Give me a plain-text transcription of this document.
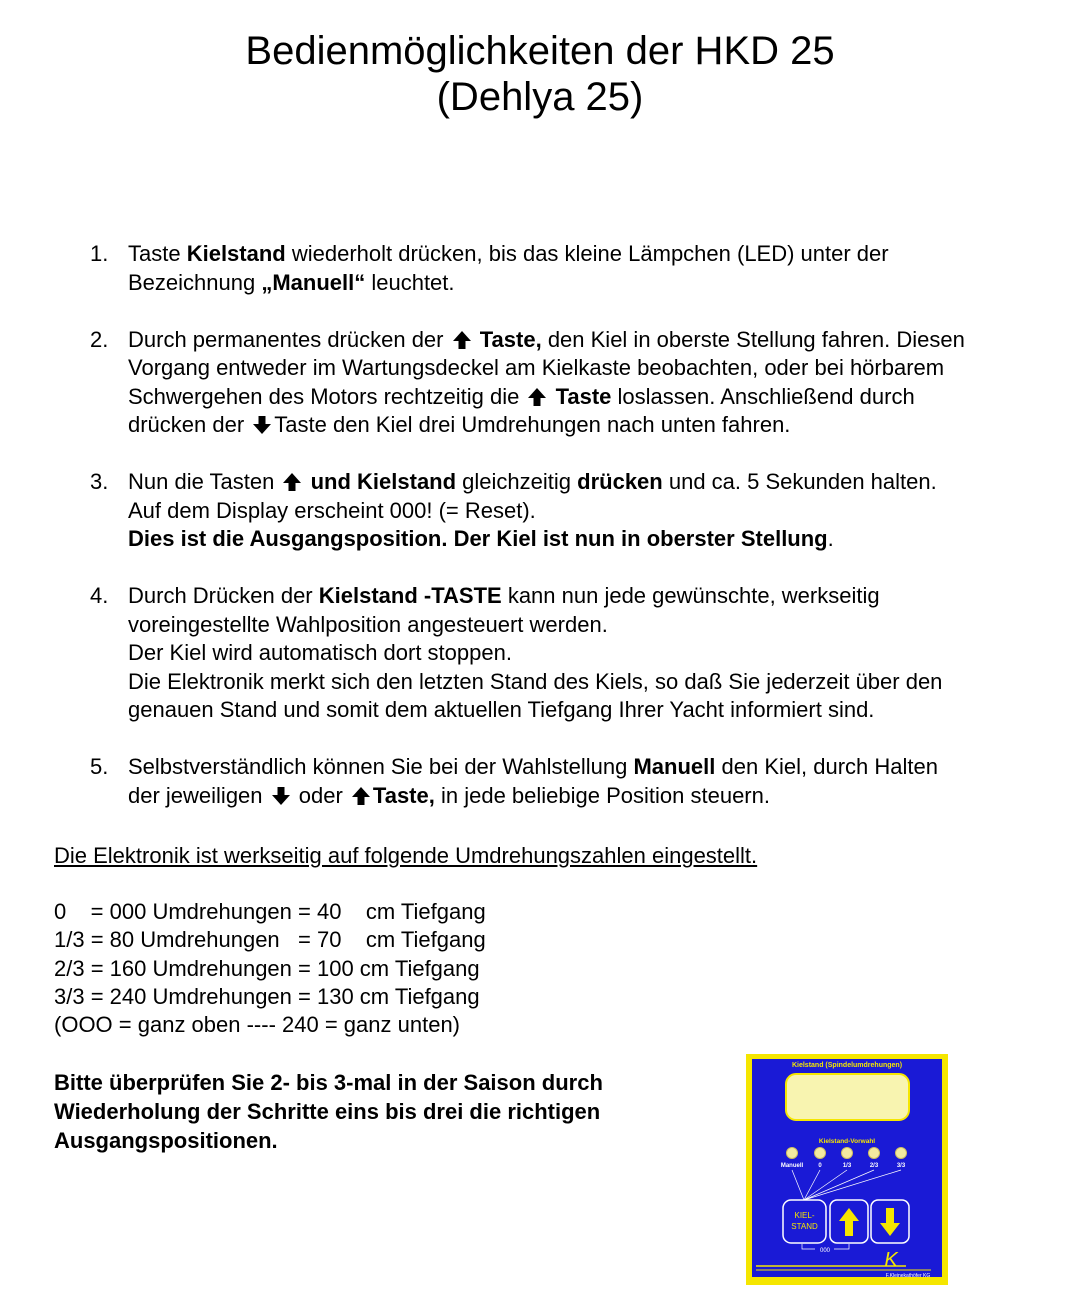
Bedienmöglichkeiten der HKD 25
(Dehlya 25)
1. Taste Kielstand wiederholt drücken, bis das kleine Lämpchen (LED) unter der
Bezeichnung „Manuell“ leuchtet.
2. Durch permanentes drücken der  Taste, den Kiel in oberste Stellung fahren. Diesen
Vorgang entweder im Wartungsdeckel am Kielkaste beobachten, oder bei hörbarem
Schwergehen des Motors rechtzeitig die  Taste loslassen. Anschließend durch
drücken der Taste den Kiel drei Umdrehungen nach unten fahren.
3. Nun die Tasten  und Kielstand gleichzeitig drücken und ca. 5 Sekunden halten.
Auf dem Display erscheint 000! (= Reset).
Dies ist die Ausgangsposition. Der Kiel ist nun in oberster Stellung.
4. Durch Drücken der Kielstand -TASTE kann nun jede gewünschte, werkseitig
voreingestellte Wahlposition angesteuert werden.
Der Kiel wird automatisch dort stoppen.
Die Elektronik merkt sich den letzten Stand des Kiels, so daß Sie jederzeit über den
genauen Stand und somit dem aktuellen Tiefgang Ihrer Yacht informiert sind.
5. Selbstverständlich können Sie bei der Wahlstellung Manuell den Kiel, durch Halten
der jeweiligen  oder Taste, in jede beliebige Position steuern.
Die Elektronik ist werkseitig auf folgende Umdrehungszahlen eingestellt.
0    = 000 Umdrehungen = 40    cm Tiefgang
1/3 = 80 Umdrehungen   = 70    cm Tiefgang
2/3 = 160 Umdrehungen = 100 cm Tiefgang
3/3 = 240 Umdrehungen = 130 cm Tiefgang
(OOO = ganz oben ---- 240 = ganz unten)
Bitte überprüfen Sie 2- bis 3-mal in der Saison durch
Wiederholung der Schritte eins bis drei die richtigen
Ausgangspositionen.
Kielstand (Spindelumdrehungen)
Kielstand-Vorwahl
Manuell	0	1/3	2/3	3/3
KIEL-
STAND
000	K
F.Kleinekathöfer KG
